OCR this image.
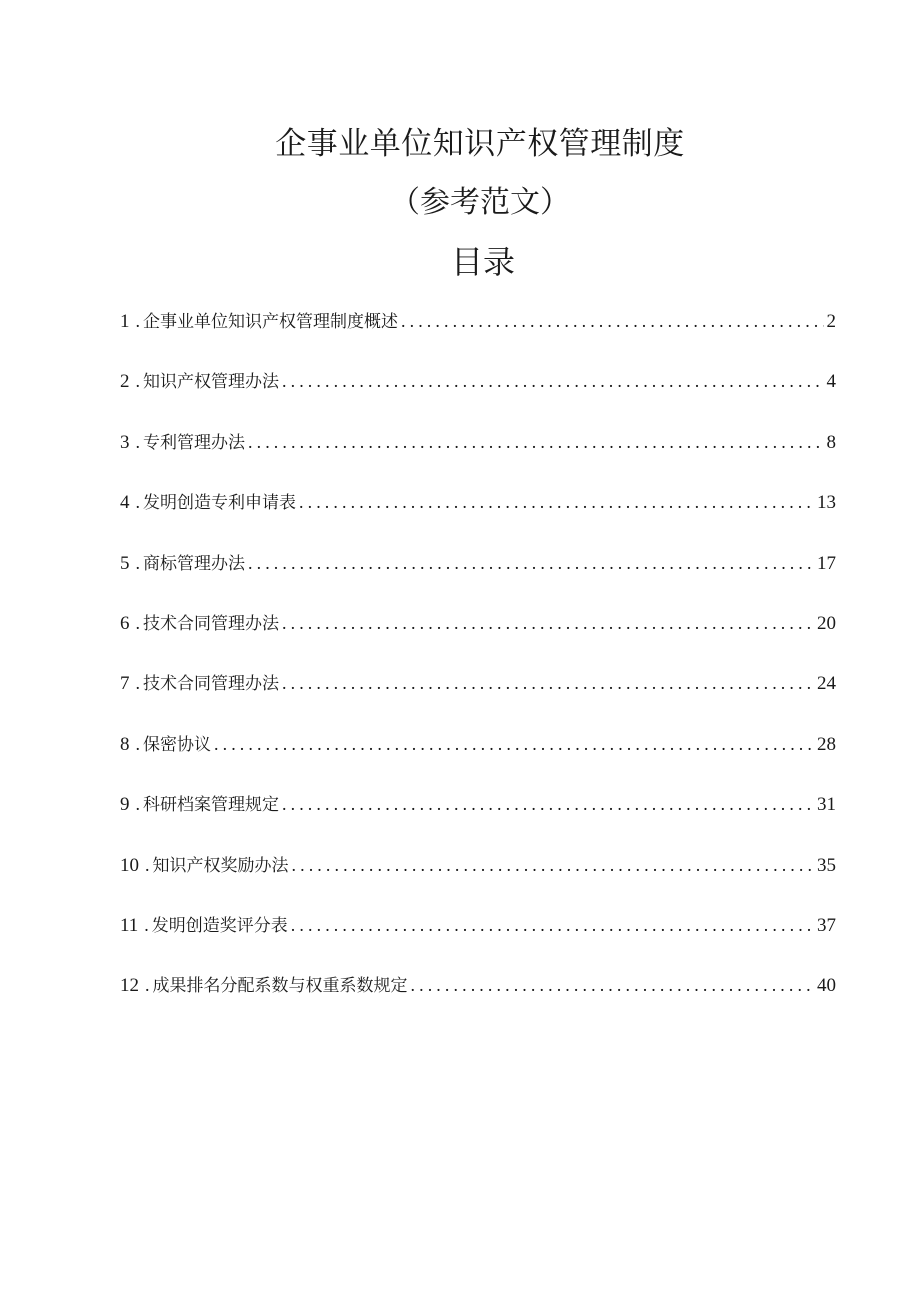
企事业单位知识产权管理制度
（参考范文）
目录
1 . 企事业单位知识产权管理制度概述 .....	2
2 . 知识产权管理办法 .....	4
3 . 专利管理办法 .....	8
4 . 发明创造专利申请表 .....	13
5 . 商标管理办法 .....	17
6 . 技术合同管理办法 .....	20
7 . 技术合同管理办法 .....	24
8 . 保密协议 .....	28
9 . 科研档案管理规定 .....	31
10 . 知识产权奖励办法 .....	35
11 . 发明创造奖评分表 .....	37
12 . 成果排名分配系数与权重系数规定 .....	40
